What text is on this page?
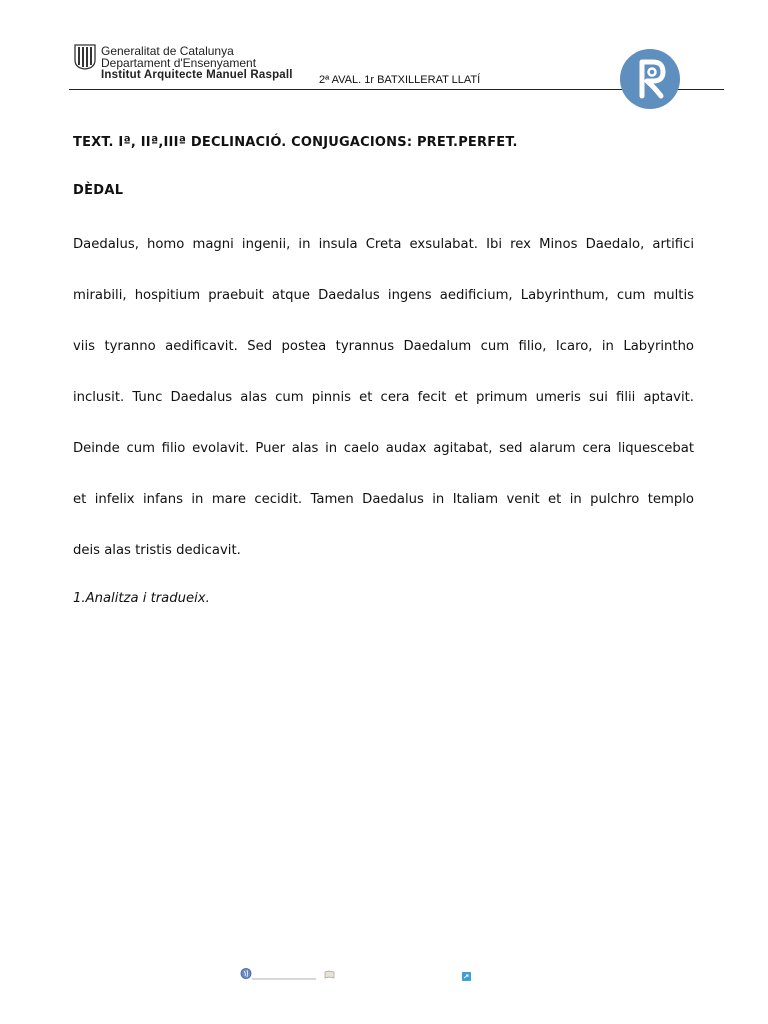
Generalitat de Catalunya
Departament d'Ensenyament
Institut Arquitecte Manuel Raspall 2ª AVAL. 1r BATXILLERAT LLATÍ
TEXT. Iª, IIª,IIIª DECLINACIÓ. CONJUGACIONS: PRET.PERFET.
DÈDAL
Daedalus, homo magni ingenii, in insula Creta exsulabat. Ibi rex Minos Daedalo, artifici
mirabili, hospitium praebuit atque Daedalus ingens aedificium, Labyrinthum, cum multis
viis tyranno aedificavit. Sed postea tyrannus Daedalum cum filio, Icaro, in Labyrintho
inclusit. Tunc Daedalus alas cum pinnis et cera fecit et primum umeris sui filii aptavit.
Deinde cum filio evolavit. Puer alas in caelo audax agitabat, sed alarum cera liquescebat
et infelix infans in mare cecidit. Tamen Daedalus in Italiam venit et in pulchro templo
deis alas tristis dedicavit.
1.Analitza i tradueix.
